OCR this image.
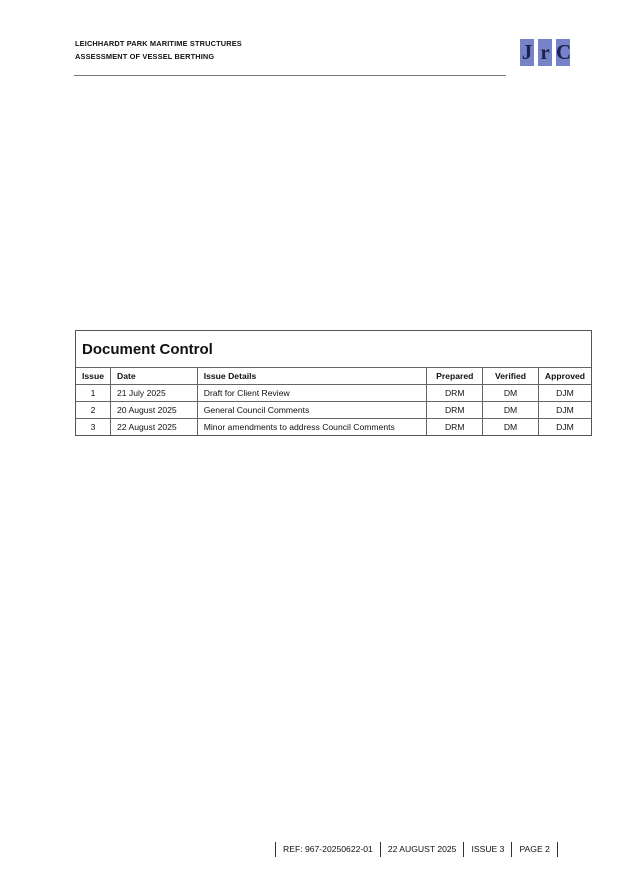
LEICHHARDT PARK MARITIME STRUCTURES
ASSESSMENT OF VESSEL BERTHING	J r C
Document Control
Issue	Date	Issue Details	Prepared	Verified	Approved
1	21 July 2025	Draft for Client Review	DRM	DM	DJM
2	20 August 2025	General Council Comments	DRM	DM	DJM
3	22 August 2025	Minor amendments to address Council Comments	DRM	DM	DJM
REF: 967-20250622-01	22 AUGUST 2025	ISSUE 3	PAGE 2
